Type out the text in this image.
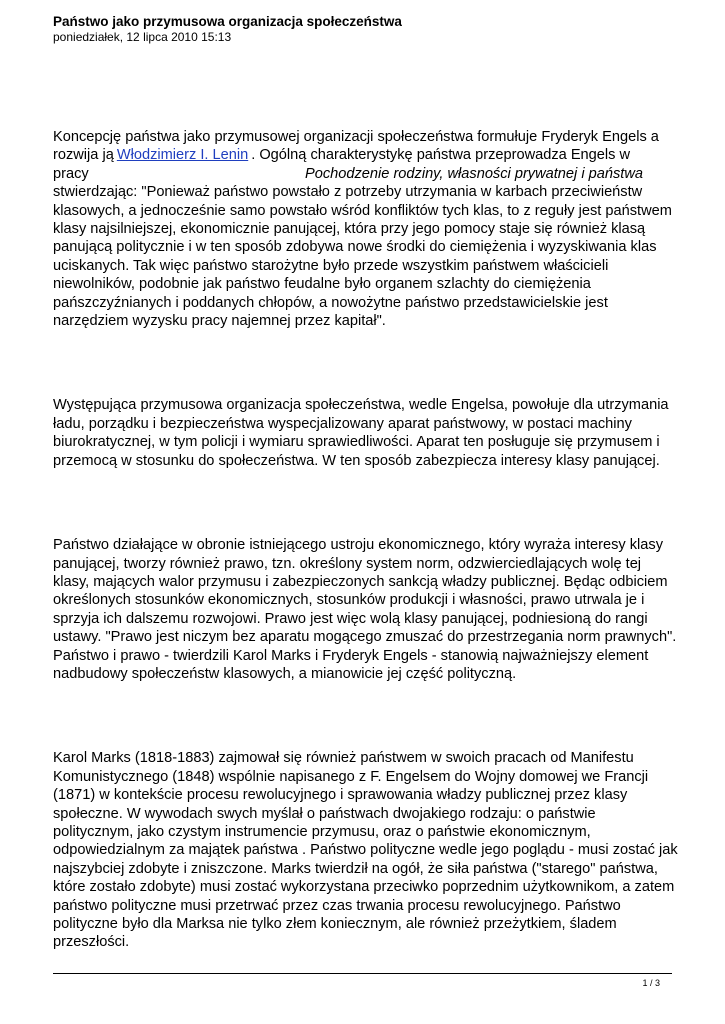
Państwo jako przymusowa organizacja społeczeństwa

poniedziałek, 12 lipca 2010 15:13

Koncepcję państwa jako przymusowej organizacji społeczeństwa formułuje Fryderyk Engels a rozwija ją Włodzimierz I. Lenin . Ogólną charakterystykę państwa przeprowadza Engels w
pracy	Pochodzenie rodziny, własności prywatnej i państwa
stwierdzając: "Ponieważ państwo powstało z potrzeby utrzymania w karbach przeciwieństw klasowych, a jednocześnie samo powstało wśród konfliktów tych klas, to z reguły jest państwem klasy najsilniejszej, ekonomicznie panującej, która przy jego pomocy staje się również klasą panującą politycznie i w ten sposób zdobywa nowe środki do ciemiężenia i wyzyskiwania klas uciskanych. Tak więc państwo starożytne było przede wszystkim państwem właścicieli niewolników, podobnie jak państwo feudalne było organem szlachty do ciemiężenia pańszczyźnianych i poddanych chłopów, a nowożytne państwo przedstawicielskie jest narzędziem wyzysku pracy najemnej przez kapitał".

Występująca przymusowa organizacja społeczeństwa, wedle Engelsa, powołuje dla utrzymania ładu, porządku i bezpieczeństwa wyspecjalizowany aparat państwowy, w postaci machiny biurokratycznej, w tym policji i wymiaru sprawiedliwości. Aparat ten posługuje się przymusem i przemocą w stosunku do społeczeństwa. W ten sposób zabezpiecza interesy klasy panującej.

Państwo działające w obronie istniejącego ustroju ekonomicznego, który wyraża interesy klasy panującej, tworzy również prawo, tzn. określony system norm, odzwierciedlających wolę tej klasy, mających walor przymusu i zabezpieczonych sankcją władzy publicznej. Będąc odbiciem określonych stosunków ekonomicznych, stosunków produkcji i własności, prawo utrwala je i sprzyja ich dalszemu rozwojowi. Prawo jest więc wolą klasy panującej, podniesioną do rangi ustawy. "Prawo jest niczym bez aparatu mogącego zmuszać do przestrzegania norm prawnych". Państwo i prawo - twierdzili Karol Marks i Fryderyk Engels - stanowią najważniejszy element nadbudowy społeczeństw klasowych, a mianowicie jej część polityczną.

Karol Marks (1818-1883) zajmował się również państwem w swoich pracach od Manifestu Komunistycznego (1848) wspólnie napisanego z F. Engelsem do Wojny domowej we Francji (1871) w kontekście procesu rewolucyjnego i sprawowania władzy publicznej przez klasy społeczne. W wywodach swych myślał o państwach dwojakiego rodzaju: o państwie politycznym, jako czystym instrumencie przymusu, oraz o państwie ekonomicznym, odpowiedzialnym za majątek państwa . Państwo polityczne wedle jego poglądu - musi zostać jak najszybciej zdobyte i zniszczone. Marks twierdził na ogół, że siła państwa ("starego" państwa, które zostało zdobyte) musi zostać wykorzystana przeciwko poprzednim użytkownikom, a zatem państwo polityczne musi przetrwać przez czas trwania procesu rewolucyjnego. Państwo polityczne było dla Marksa nie tylko złem koniecznym, ale również przeżytkiem, śladem przeszłości.

1 / 3
